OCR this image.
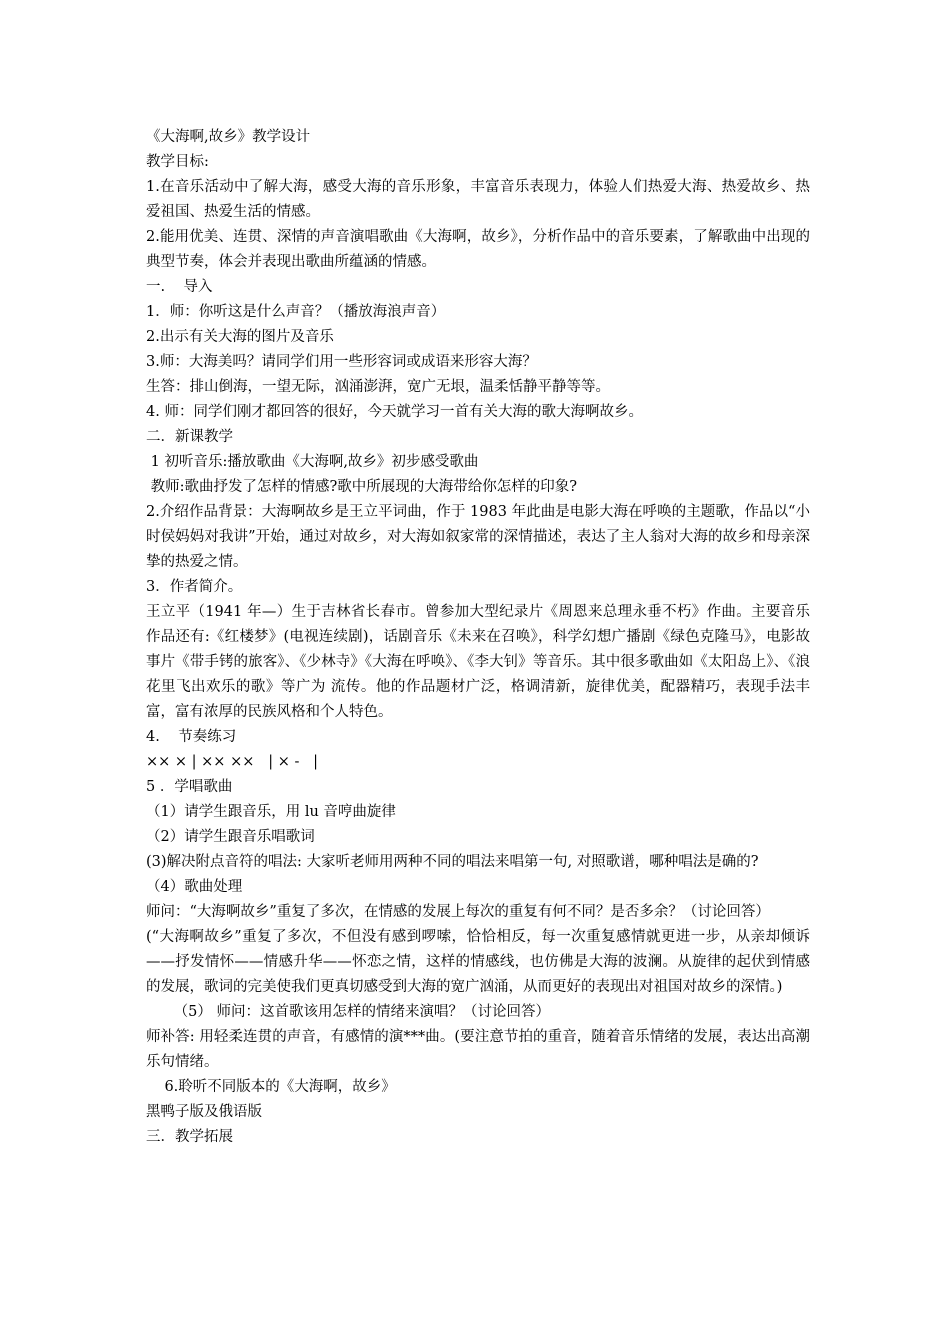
《大海啊,故乡》教学设计

教学目标:

1.在音乐活动中了解大海，感受大海的音乐形象，丰富音乐表现力，体验人们热爱大海、热爱故乡、热爱祖国、热爱生活的情感。

2.能用优美、连贯、深情的声音演唱歌曲《大海啊，故乡》，分析作品中的音乐要素，了解歌曲中出现的典型节奏，体会并表现出歌曲所蕴涵的情感。

一.    导入

1．师：你听这是什么声音？（播放海浪声音）

2.出示有关大海的图片及音乐

3.师：大海美吗？请同学们用一些形容词或成语来形容大海？

生答：排山倒海，一望无际，汹涌澎湃，宽广无垠，温柔恬静平静等等。

4. 师：同学们刚才都回答的很好，今天就学习一首有关大海的歌大海啊故乡。

二．新课教学

1 初听音乐:播放歌曲《大海啊,故乡》初步感受歌曲

教师:歌曲抒发了怎样的情感?歌中所展现的大海带给你怎样的印象?

2.介绍作品背景：大海啊故乡是王立平词曲，作于 1983 年此曲是电影大海在呼唤的主题歌，作品以“小时侯妈妈对我讲”开始，通过对故乡，对大海如叙家常的深情描述，表达了主人翁对大海的故乡和母亲深挚的热爱之情。

3．作者简介。

王立平（1941 年—）生于吉林省长春市。曾参加大型纪录片《周恩来总理永垂不朽》作曲。主要音乐作品还有:《红楼梦》(电视连续剧)，话剧音乐《未来在召唤》，科学幻想广播剧《绿色克隆马》，电影故事片《带手铐的旅客》、《少林寺》《大海在呼唤》、《李大钊》等音乐。其中很多歌曲如《太阳岛上》、《浪花里飞出欢乐的歌》等广为 流传。他的作品题材广泛，格调清新，旋律优美，配器精巧，表现手法丰富，富有浓厚的民族风格和个人特色。

4.    节奏练习

×× × | ×× ××   | × -   |

5 ．学唱歌曲

（1）请学生跟音乐，用 lu 音哼曲旋律

（2）请学生跟音乐唱歌词

(3)解决附点音符的唱法: 大家听老师用两种不同的唱法来唱第一句, 对照歌谱，哪种唱法是确的?

（4）歌曲处理

师问：“大海啊故乡”重复了多次，在情感的发展上每次的重复有何不同？是否多余？（讨论回答）

(“大海啊故乡”重复了多次，不但没有感到啰嗦，恰恰相反，每一次重复感情就更进一步，从亲却倾诉——抒发情怀——情感升华——怀恋之情，这样的情感线，也仿佛是大海的波澜。从旋律的起伏到情感的发展，歌词的完美使我们更真切感受到大海的宽广汹涌，从而更好的表现出对祖国对故乡的深情。)

（5） 师问：这首歌该用怎样的情绪来演唱？（讨论回答）

师补答: 用轻柔连贯的声音，有感情的演***曲。(要注意节拍的重音，随着音乐情绪的发展，表达出高潮乐句情绪。

6.聆听不同版本的《大海啊，故乡》

黑鸭子版及俄语版

三．教学拓展
